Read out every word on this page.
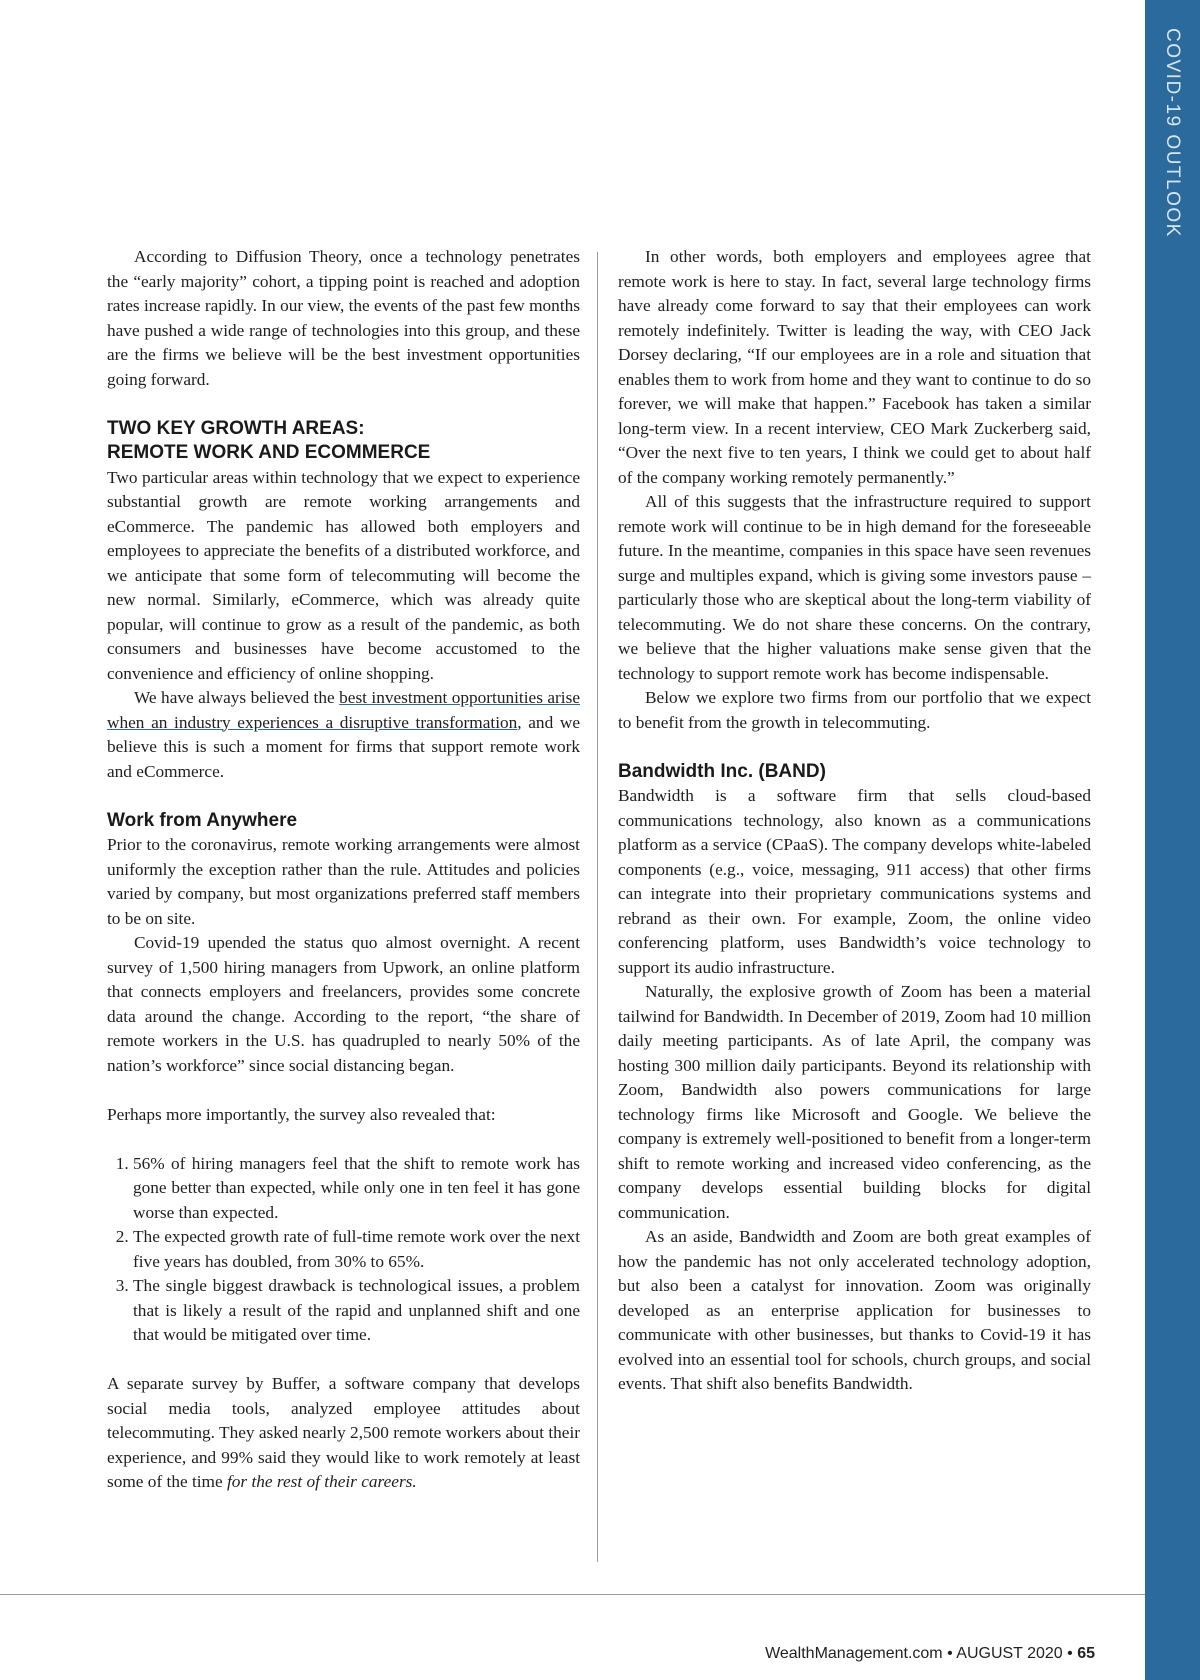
COVID-19 OUTLOOK

According to Diffusion Theory, once a technology penetrates the “early majority” cohort, a tipping point is reached and adoption rates increase rapidly. In our view, the events of the past few months have pushed a wide range of technologies into this group, and these are the firms we believe will be the best investment opportunities going forward.

TWO KEY GROWTH AREAS:
REMOTE WORK AND ECOMMERCE

Two particular areas within technology that we expect to experience substantial growth are remote working arrangements and eCommerce. The pandemic has allowed both employers and employees to appreciate the benefits of a distributed workforce, and we anticipate that some form of telecommuting will become the new normal. Similarly, eCommerce, which was already quite popular, will continue to grow as a result of the pandemic, as both consumers and businesses have become accustomed to the convenience and efficiency of online shopping.

We have always believed the best investment opportunities arise when an industry experiences a disruptive transformation, and we believe this is such a moment for firms that support remote work and eCommerce.

Work from Anywhere

Prior to the coronavirus, remote working arrangements were almost uniformly the exception rather than the rule. Attitudes and policies varied by company, but most organizations preferred staff members to be on site.

Covid-19 upended the status quo almost overnight. A recent survey of 1,500 hiring managers from Upwork, an online platform that connects employers and freelancers, provides some concrete data around the change. According to the report, “the share of remote workers in the U.S. has quadrupled to nearly 50% of the nation’s workforce” since social distancing began.

Perhaps more importantly, the survey also revealed that:

1. 56% of hiring managers feel that the shift to remote work has gone better than expected, while only one in ten feel it has gone worse than expected.
2. The expected growth rate of full-time remote work over the next five years has doubled, from 30% to 65%.
3. The single biggest drawback is technological issues, a problem that is likely a result of the rapid and unplanned shift and one that would be mitigated over time.

A separate survey by Buffer, a software company that develops social media tools, analyzed employee attitudes about telecommuting. They asked nearly 2,500 remote workers about their experience, and 99% said they would like to work remotely at least some of the time for the rest of their careers.

In other words, both employers and employees agree that remote work is here to stay. In fact, several large technology firms have already come forward to say that their employees can work remotely indefinitely. Twitter is leading the way, with CEO Jack Dorsey declaring, “If our employees are in a role and situation that enables them to work from home and they want to continue to do so forever, we will make that happen.” Facebook has taken a similar long-term view. In a recent interview, CEO Mark Zuckerberg said, “Over the next five to ten years, I think we could get to about half of the company working remotely permanently.”

All of this suggests that the infrastructure required to support remote work will continue to be in high demand for the foreseeable future. In the meantime, companies in this space have seen revenues surge and multiples expand, which is giving some investors pause – particularly those who are skeptical about the long-term viability of telecommuting. We do not share these concerns. On the contrary, we believe that the higher valuations make sense given that the technology to support remote work has become indispensable.

Below we explore two firms from our portfolio that we expect to benefit from the growth in telecommuting.

Bandwidth Inc. (BAND)

Bandwidth is a software firm that sells cloud-based communications technology, also known as a communications platform as a service (CPaaS). The company develops white-labeled components (e.g., voice, messaging, 911 access) that other firms can integrate into their proprietary communications systems and rebrand as their own. For example, Zoom, the online video conferencing platform, uses Bandwidth’s voice technology to support its audio infrastructure.

Naturally, the explosive growth of Zoom has been a material tailwind for Bandwidth. In December of 2019, Zoom had 10 million daily meeting participants. As of late April, the company was hosting 300 million daily participants. Beyond its relationship with Zoom, Bandwidth also powers communications for large technology firms like Microsoft and Google. We believe the company is extremely well-positioned to benefit from a longer-term shift to remote working and increased video conferencing, as the company develops essential building blocks for digital communication.

As an aside, Bandwidth and Zoom are both great examples of how the pandemic has not only accelerated technology adoption, but also been a catalyst for innovation. Zoom was originally developed as an enterprise application for businesses to communicate with other businesses, but thanks to Covid-19 it has evolved into an essential tool for schools, church groups, and social events. That shift also benefits Bandwidth.

WealthManagement.com • AUGUST 2020 • 65
